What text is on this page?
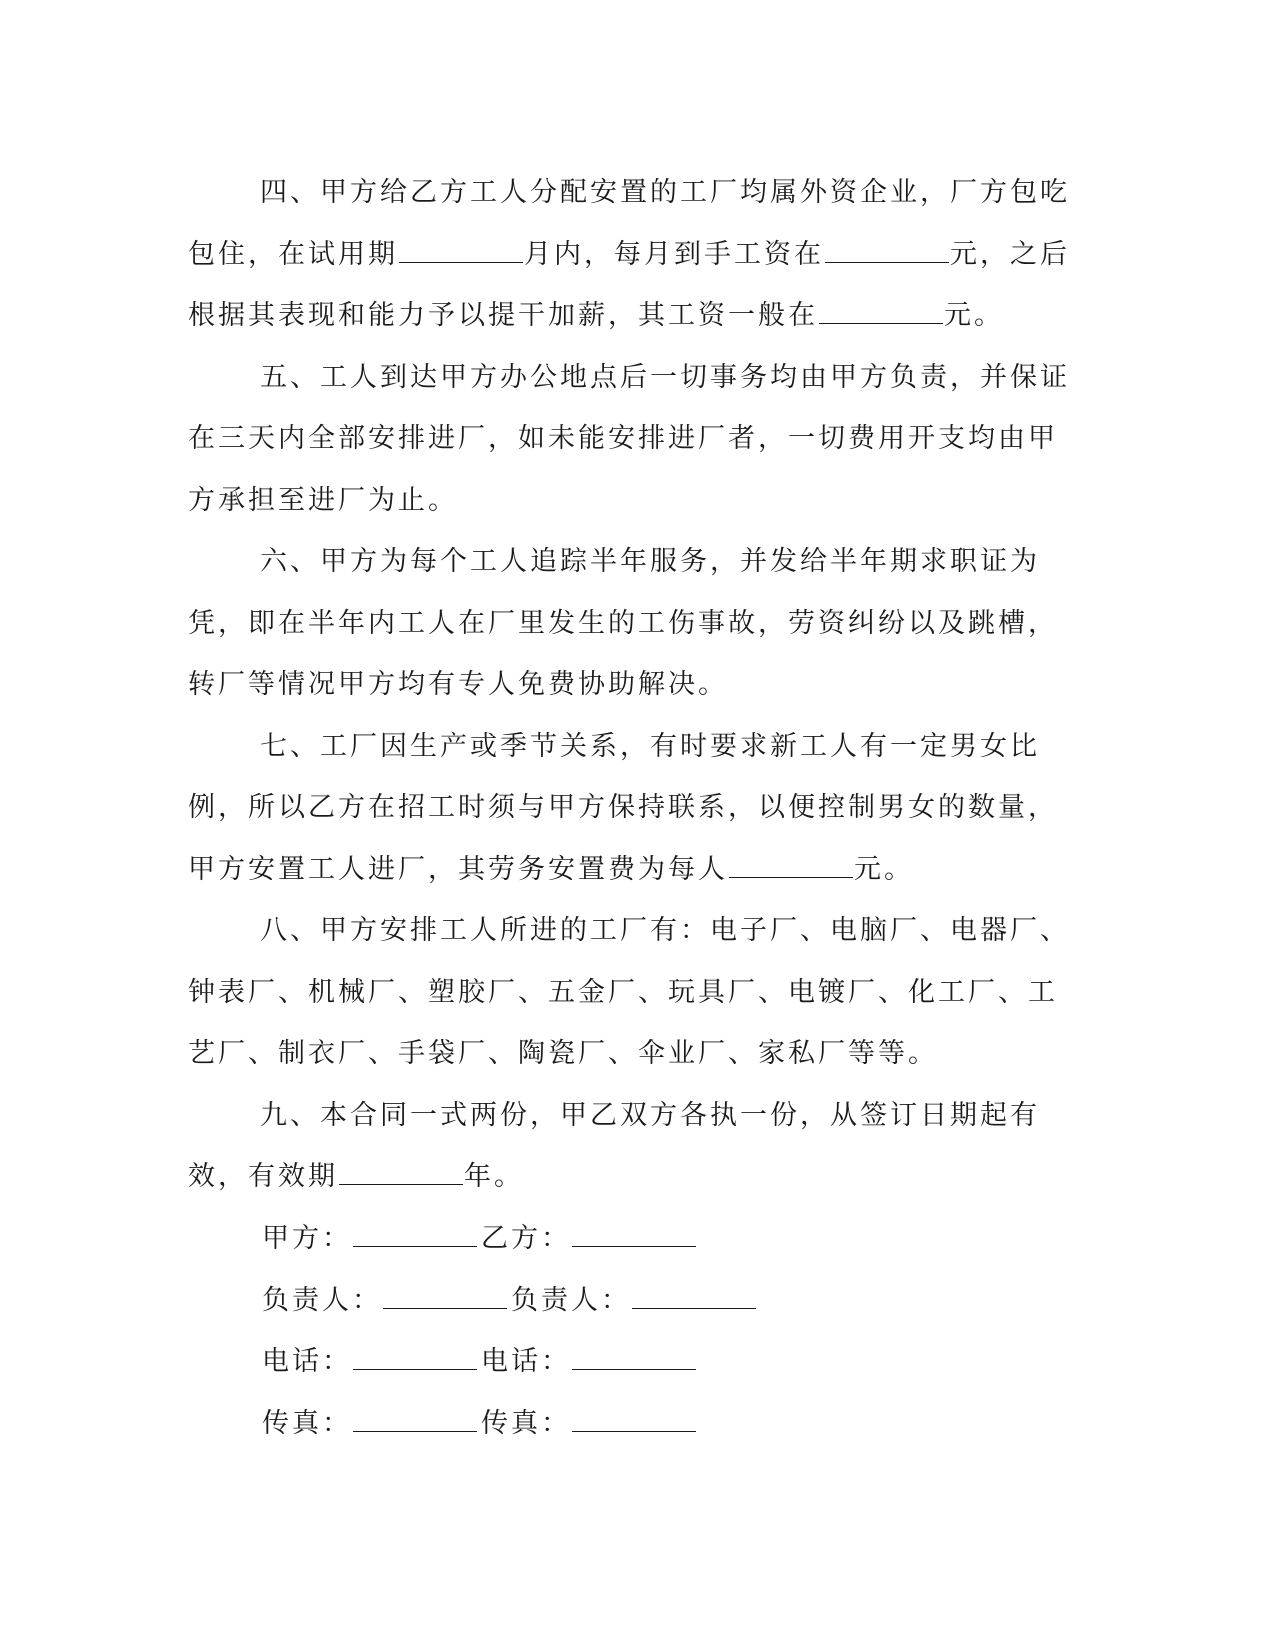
四、甲方给乙方工人分配安置的工厂均属外资企业，厂方包吃包住，在试用期	月内，每月到手工资在	元，之后根据其表现和能力予以提干加薪，其工资一般在	元。

五、工人到达甲方办公地点后一切事务均由甲方负责，并保证在三天内全部安排进厂，如未能安排进厂者，一切费用开支均由甲方承担至进厂为止。

六、甲方为每个工人追踪半年服务，并发给半年期求职证为凭，即在半年内工人在厂里发生的工伤事故，劳资纠纷以及跳槽，转厂等情况甲方均有专人免费协助解决。

七、工厂因生产或季节关系，有时要求新工人有一定男女比例，所以乙方在招工时须与甲方保持联系，以便控制男女的数量，甲方安置工人进厂，其劳务安置费为每人	元。

八、甲方安排工人所进的工厂有：电子厂、电脑厂、电器厂、钟表厂、机械厂、塑胶厂、五金厂、玩具厂、电镀厂、化工厂、工艺厂、制衣厂、手袋厂、陶瓷厂、伞业厂、家私厂等等。

九、本合同一式两份，甲乙双方各执一份，从签订日期起有效，有效期	年。

甲方：	乙方：
负责人：	负责人：
电话：	电话：
传真：	传真：
